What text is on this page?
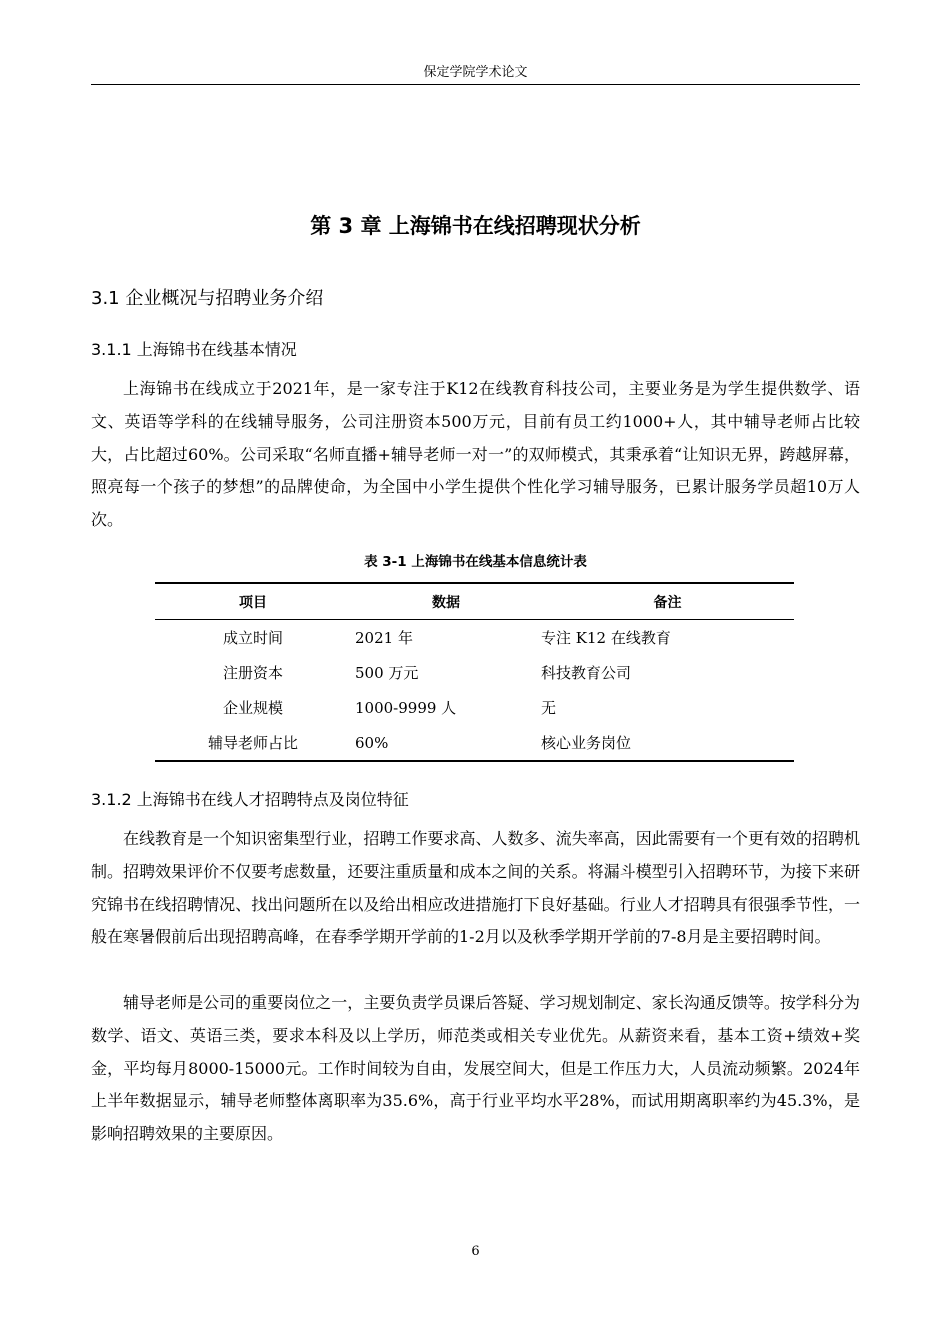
保定学院学术论文
第 3 章 上海锦书在线招聘现状分析
3.1 企业概况与招聘业务介绍
3.1.1 上海锦书在线基本情况

上海锦书在线成立于2021年，是一家专注于K12在线教育科技公司，主要业务是为学生提供数学、语文、英语等学科的在线辅导服务，公司注册资本500万元，目前有员工约1000+人，其中辅导老师占比较大，占比超过60%。公司采取“名师直播+辅导老师一对一”的双师模式，其秉承着“让知识无界，跨越屏幕，照亮每一个孩子的梦想”的品牌使命，为全国中小学生提供个性化学习辅导服务，已累计服务学员超10万人次。

表 3-1 上海锦书在线基本信息统计表
项目	数据	备注
成立时间	2021 年	专注 K12 在线教育
注册资本	500 万元	科技教育公司
企业规模	1000-9999 人	无
辅导老师占比	60%	核心业务岗位
3.1.2 上海锦书在线人才招聘特点及岗位特征

在线教育是一个知识密集型行业，招聘工作要求高、人数多、流失率高，因此需要有一个更有效的招聘机制。招聘效果评价不仅要考虑数量，还要注重质量和成本之间的关系。将漏斗模型引入招聘环节，为接下来研究锦书在线招聘情况、找出问题所在以及给出相应改进措施打下良好基础。行业人才招聘具有很强季节性，一般在寒暑假前后出现招聘高峰，在春季学期开学前的1-2月以及秋季学期开学前的7-8月是主要招聘时间。

辅导老师是公司的重要岗位之一，主要负责学员课后答疑、学习规划制定、家长沟通反馈等。按学科分为数学、语文、英语三类，要求本科及以上学历，师范类或相关专业优先。从薪资来看，基本工资+绩效+奖金，平均每月8000-15000元。工作时间较为自由，发展空间大，但是工作压力大，人员流动频繁。2024年上半年数据显示，辅导老师整体离职率为35.6%，高于行业平均水平28%，而试用期离职率约为45.3%，是影响招聘效果的主要原因。

6
